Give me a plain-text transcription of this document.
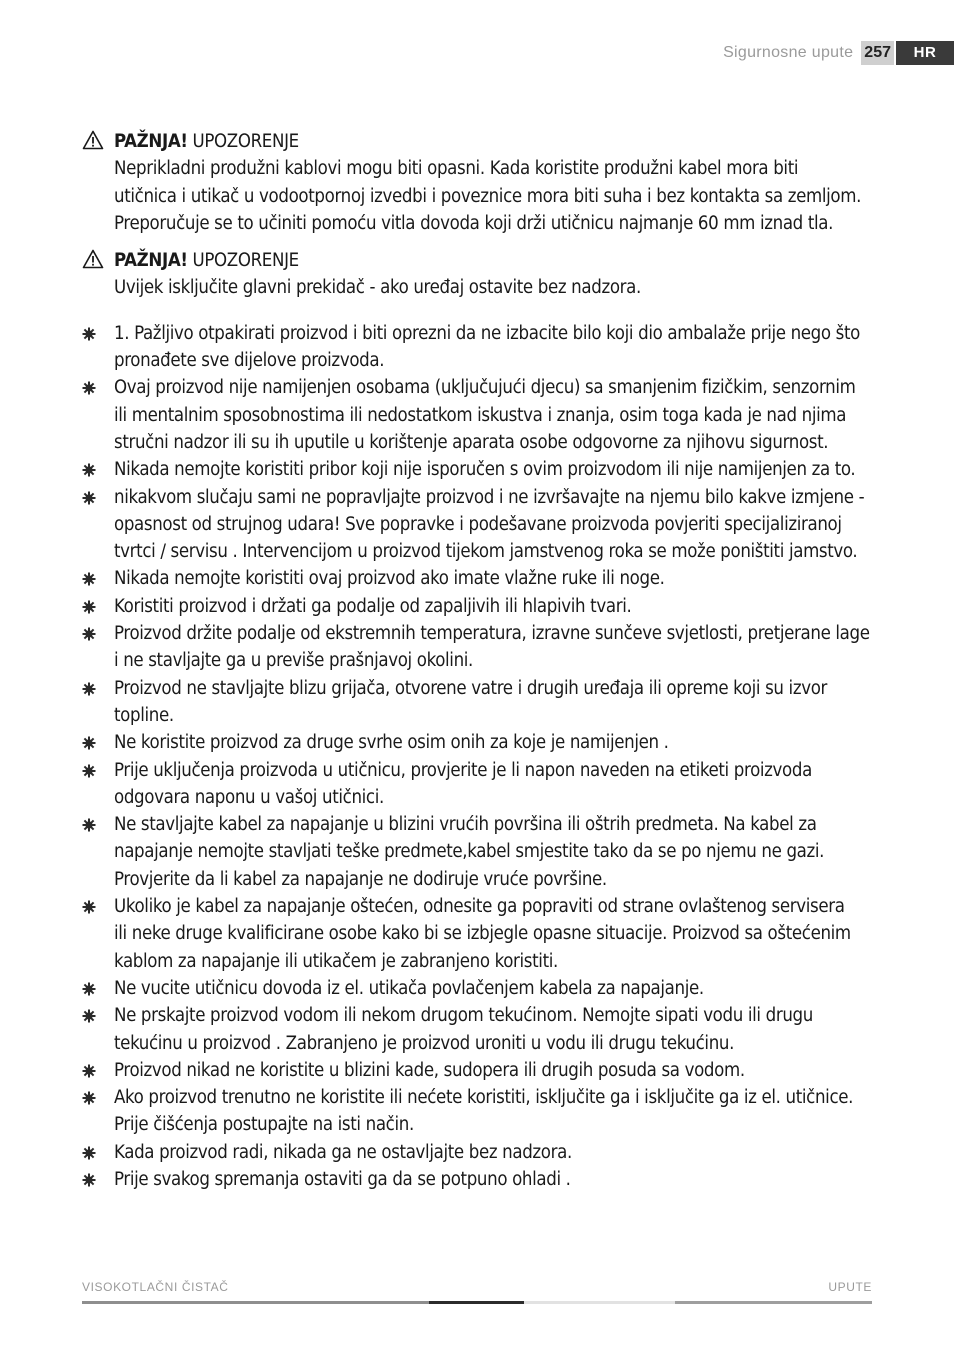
Sigurnosne upute 257	HR
PAŽNJA! UPOZORENJE
Neprikladni produžni kablovi mogu biti opasni. Kada koristite produžni kabel mora biti
utičnica i utikač u vodootpornoj izvedbi i poveznice mora biti suha i bez kontakta sa zemljom.
Preporučuje se to učiniti pomoću vitla dovoda koji drži utičnicu najmanje 60 mm iznad tla.
PAŽNJA! UPOZORENJE
Uvijek isključite glavni prekidač - ako uređaj ostavite bez nadzora.
1. Pažljivo otpakirati proizvod i biti oprezni da ne izbacite bilo koji dio ambalaže prije nego što
pronađete sve dijelove proizvoda.
Ovaj proizvod nije namijenjen osobama (uključujući djecu) sa smanjenim fizičkim, senzornim
ili mentalnim sposobnostima ili nedostatkom iskustva i znanja, osim toga kada je nad njima
stručni nadzor ili su ih uputile u korištenje aparata osobe odgovorne za njihovu sigurnost.
Nikada nemojte koristiti pribor koji nije isporučen s ovim proizvodom ili nije namijenjen za to.
nikakvom slučaju sami ne popravljajte proizvod i ne izvršavajte na njemu bilo kakve izmjene -
opasnost od strujnog udara! Sve popravke i podešavane proizvoda povjeriti specijaliziranoj
tvrtci / servisu . Intervencijom u proizvod tijekom jamstvenog roka se može poništiti jamstvo.
Nikada nemojte koristiti ovaj proizvod ako imate vlažne ruke ili noge.
Koristiti proizvod i držati ga podalje od zapaljivih ili hlapivih tvari.
Proizvod držite podalje od ekstremnih temperatura, izravne sunčeve svjetlosti, pretjerane lage
i ne stavljajte ga u previše prašnjavoj okolini.
Proizvod ne stavljajte blizu grijača, otvorene vatre i drugih uređaja ili opreme koji su izvor
topline.
Ne koristite proizvod za druge svrhe osim onih za koje je namijenjen .
Prije uključenja proizvoda u utičnicu, provjerite je li napon naveden na etiketi proizvoda
odgovara naponu u vašoj utičnici.
Ne stavljajte kabel za napajanje u blizini vrućih površina ili oštrih predmeta. Na kabel za
napajanje nemojte stavljati teške predmete,kabel smjestite tako da se po njemu ne gazi.
Provjerite da li kabel za napajanje ne dodiruje vruće površine.
Ukoliko je kabel za napajanje oštećen, odnesite ga popraviti od strane ovlaštenog servisera
ili neke druge kvalificirane osobe kako bi se izbjegle opasne situacije. Proizvod sa oštećenim
kablom za napajanje ili utikačem je zabranjeno koristiti.
Ne vucite utičnicu dovoda iz el. utikača povlačenjem kabela za napajanje.
Ne prskajte proizvod vodom ili nekom drugom tekućinom. Nemojte sipati vodu ili drugu
tekućinu u proizvod . Zabranjeno je proizvod uroniti u vodu ili drugu tekućinu.
Proizvod nikad ne koristite u blizini kade, sudopera ili drugih posuda sa vodom.
Ako proizvod trenutno ne koristite ili nećete koristiti, isključite ga i isključite ga iz el. utičnice.
Prije čišćenja postupajte na isti način.
Kada proizvod radi, nikada ga ne ostavljajte bez nadzora.
Prije svakog spremanja ostaviti ga da se potpuno ohladi .
VISOKOTLAČNI ČISTAČ	UPUTE
